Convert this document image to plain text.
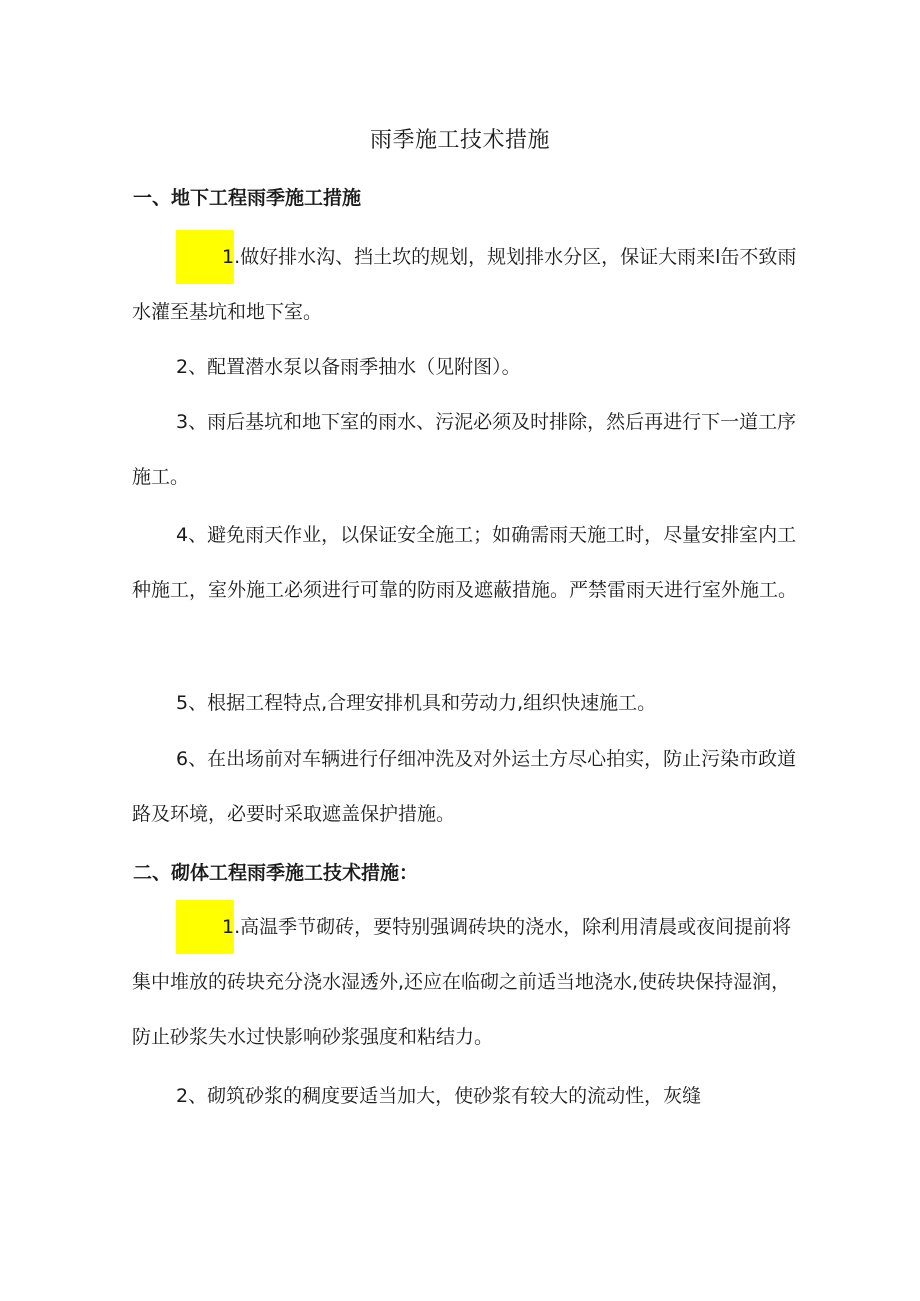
雨季施工技术措施
一、地下工程雨季施工措施
1.做好排水沟、挡土坎的规划，规划排水分区，保证大雨来l缶不致雨水灌至基坑和地下室。
2、配置潜水泵以备雨季抽水（见附图）。
3、雨后基坑和地下室的雨水、污泥必须及时排除，然后再进行下一道工序施工。
4、避免雨天作业，以保证安全施工；如确需雨天施工时，尽量安排室内工种施工，室外施工必须进行可靠的防雨及遮蔽措施。严禁雷雨天进行室外施工。
5、根据工程特点,合理安排机具和劳动力,组织快速施工。
6、在出场前对车辆进行仔细冲洗及对外运土方尽心拍实，防止污染市政道路及环境，必要时采取遮盖保护措施。
二、砌体工程雨季施工技术措施：
1.高温季节砌砖，要特别强调砖块的浇水，除利用清晨或夜间提前将集中堆放的砖块充分浇水湿透外,还应在临砌之前适当地浇水,使砖块保持湿润，防止砂浆失水过快影响砂浆强度和粘结力。
2、砌筑砂浆的稠度要适当加大，使砂浆有较大的流动性，灰缝
